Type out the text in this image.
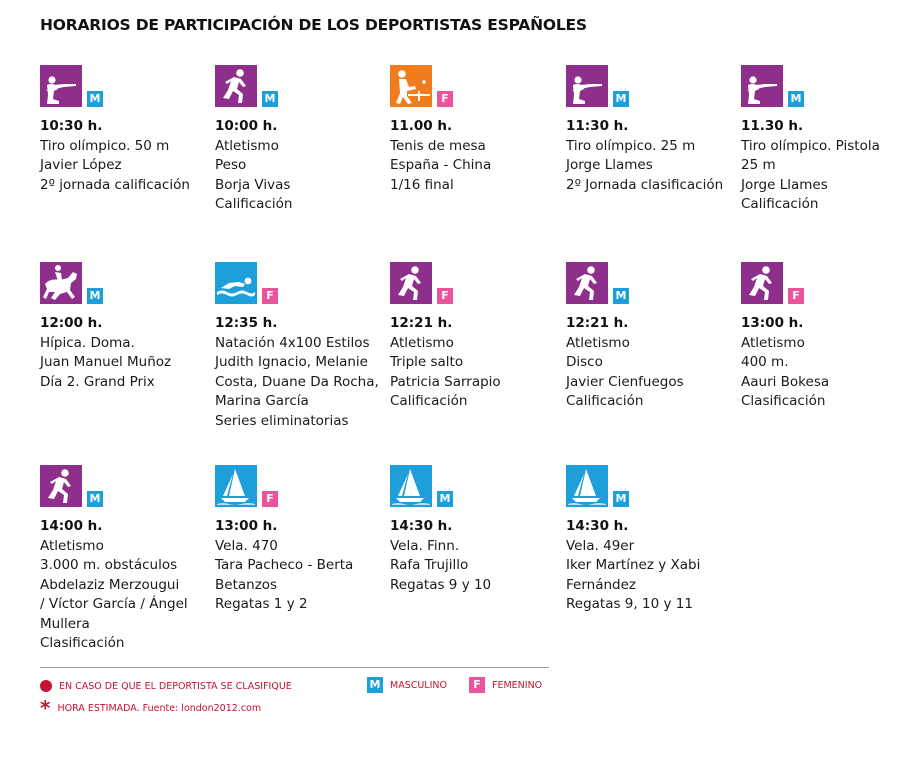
HORARIOS DE PARTICIPACIÓN DE LOS DEPORTISTAS ESPAÑOLES
M
10:30 h.
Tiro olímpico. 50 m
Javier López
2º jornada calificación
M
10:00 h.
Atletismo
Peso
Borja Vivas
Calificación
F
11.00 h.
Tenis de mesa
España - China
1/16 final
M
11:30 h.
Tiro olímpico. 25 m
Jorge Llames
2º Jornada clasificación
M
11.30 h.
Tiro olímpico. Pistola
25 m
Jorge Llames
Calificación
M
12:00 h.
Hípica. Doma.
Juan Manuel Muñoz
Día 2. Grand Prix
F
12:35 h.
Natación 4x100 Estilos
Judith Ignacio, Melanie
Costa, Duane Da Rocha,
Marina García
Series eliminatorias
F
12:21 h.
Atletismo
Triple salto
Patricia Sarrapio
Calificación
M
12:21 h.
Atletismo
Disco
Javier Cienfuegos
Calificación
F
13:00 h.
Atletismo
400 m.
Aauri Bokesa
Clasificación
M
14:00 h.
Atletismo
3.000 m. obstáculos
Abdelaziz Merzougui
/ Víctor García / Ángel
Mullera
Clasificación
F
13:00 h.
Vela. 470
Tara Pacheco - Berta
Betanzos
Regatas 1 y 2
M
14:30 h.
Vela. Finn.
Rafa Trujillo
Regatas 9 y 10
M
14:30 h.
Vela. 49er
Iker Martínez y Xabi
Fernández
Regatas 9, 10 y 11
EN CASO DE QUE EL DEPORTISTA SE CLASIFIQUE	M MASCULINO	F	FEMENINO
* HORA ESTIMADA. Fuente: london2012.com
